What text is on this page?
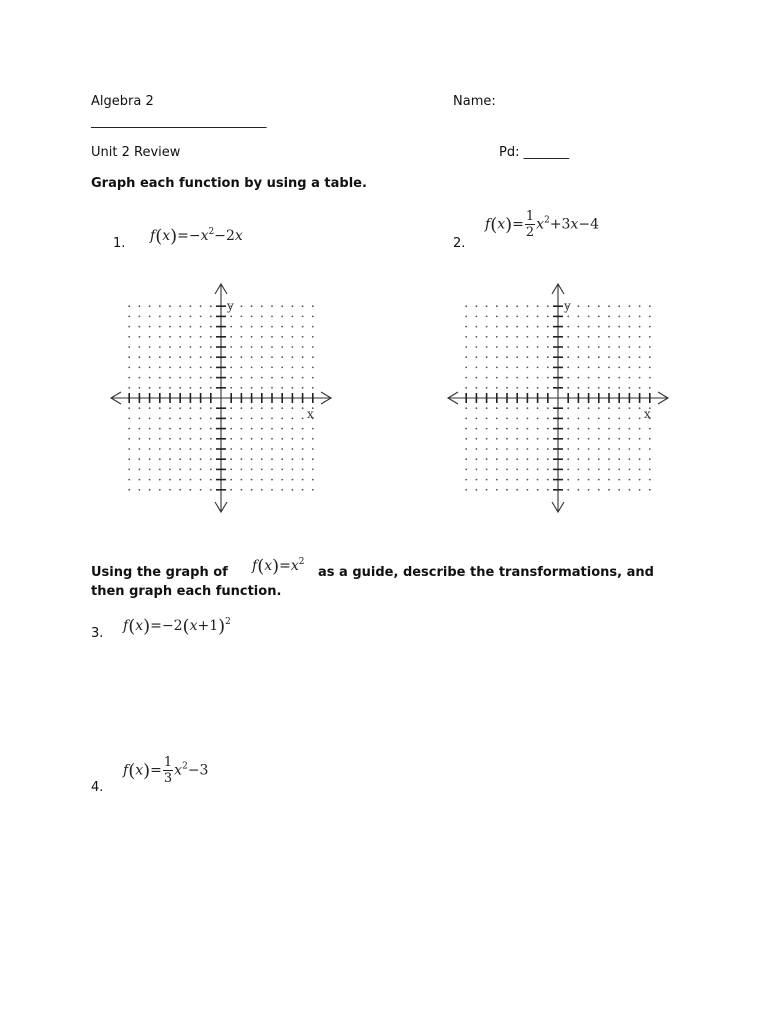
Algebra 2	Name:
___________________________
Unit 2 Review	Pd: _______
Graph each function by using a table.
1. $f(x)=-x^2-2x$	2.
$f(x)= \frac{1}{2} x^2+3x-4$
x
y
x
y
Using the graph of $f(x)=x^2$
as a guide, describe the transformations, and
then graph each function.
3. $f(x)=-2(x+1)^2$
4.
$f(x)= \frac{1}{3} x^2-3$
